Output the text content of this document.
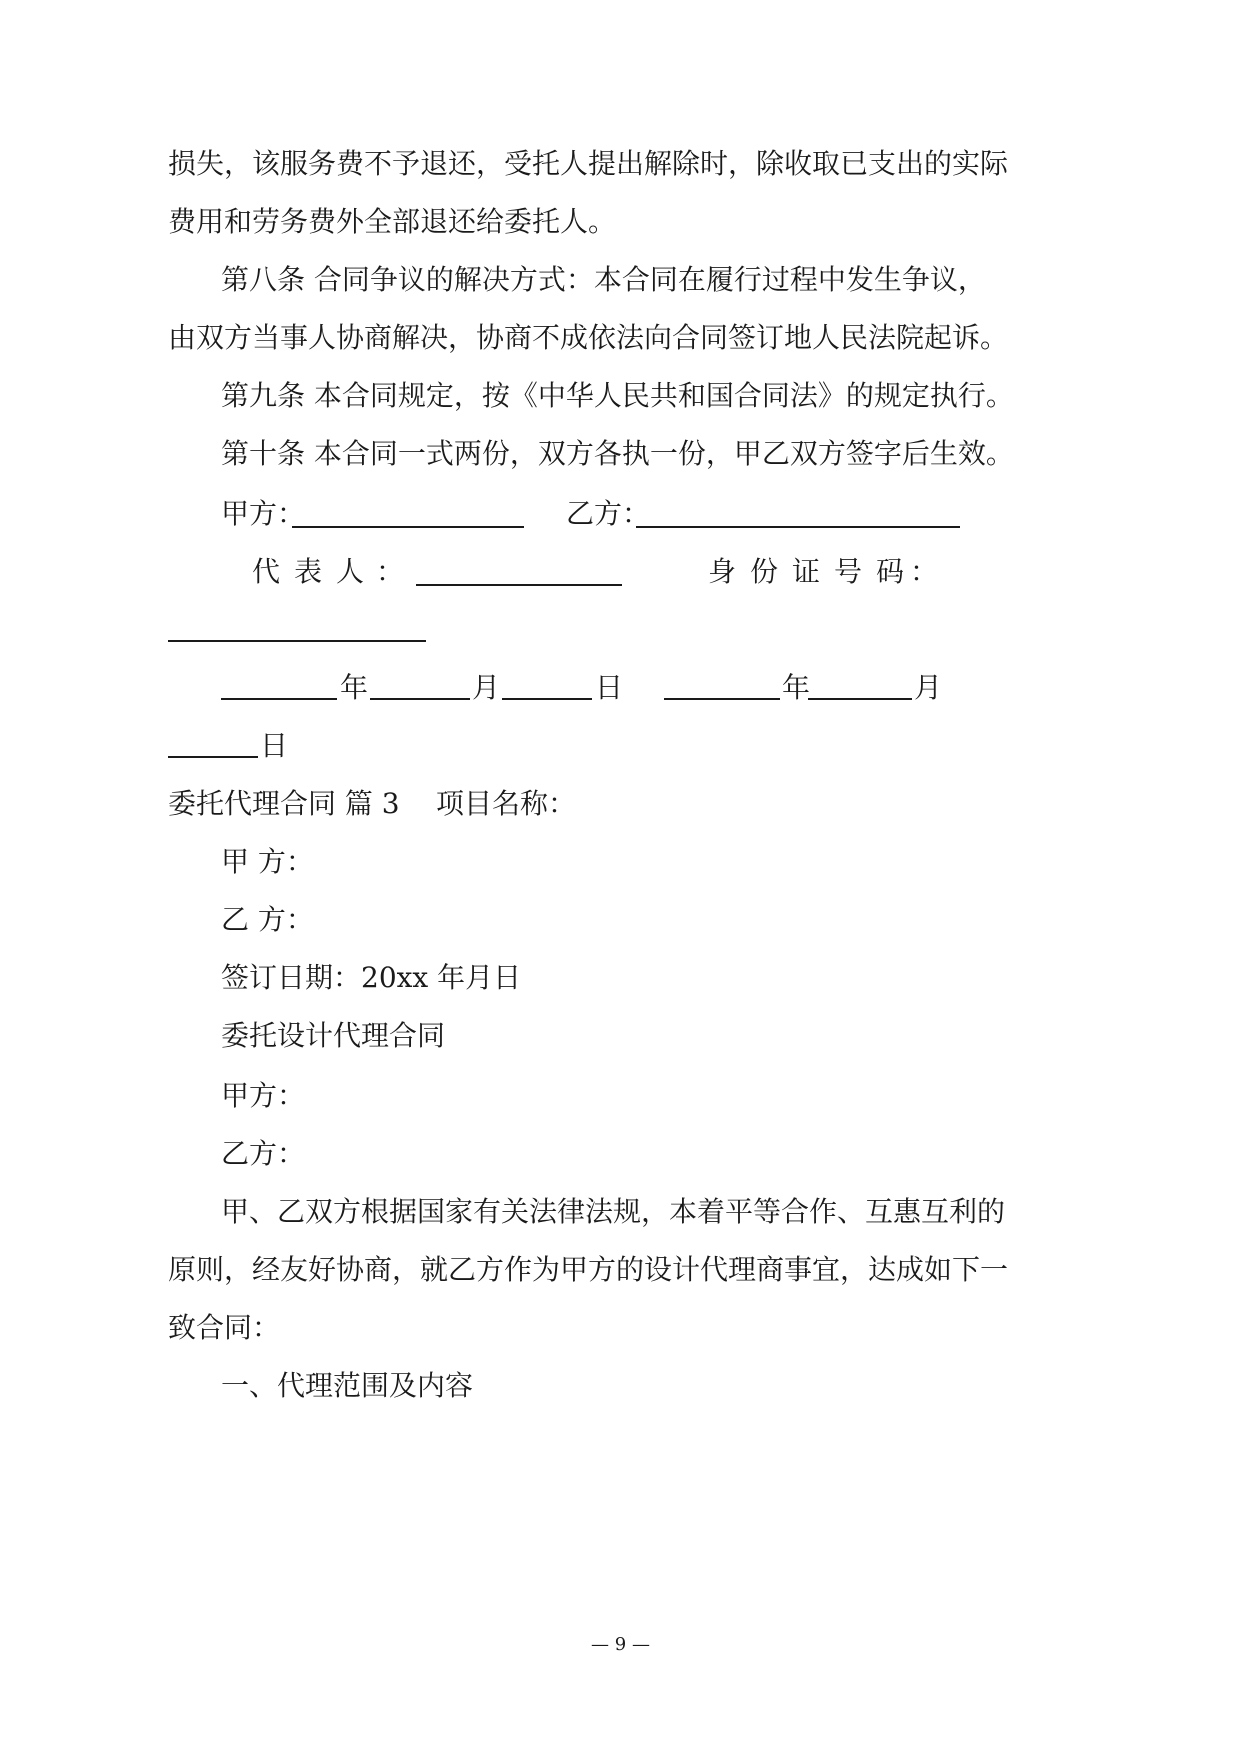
损失，该服务费不予退还，受托人提出解除时，除收取已支出的实际
费用和劳务费外全部退还给委托人。
第八条 合同争议的解决方式：本合同在履行过程中发生争议，
由双方当事人协商解决，协商不成依法向合同签订地人民法院起诉。
第九条 本合同规定，按《中华人民共和国合同法》的规定执行。
第十条 本合同一式两份，双方各执一份，甲乙双方签字后生效。
甲方：	乙方：
代 表 人 ：	身 份 证 号 码 ：
年	月	日	年	月
日
委托代理合同 篇 3 项目名称：
甲 方：
乙 方：
签订日期：20xx 年月日
委托设计代理合同
甲方：
乙方：
甲、乙双方根据国家有关法律法规，本着平等合作、互惠互利的
原则，经友好协商，就乙方作为甲方的设计代理商事宜，达成如下一
致合同：
一、代理范围及内容
— 9 —
